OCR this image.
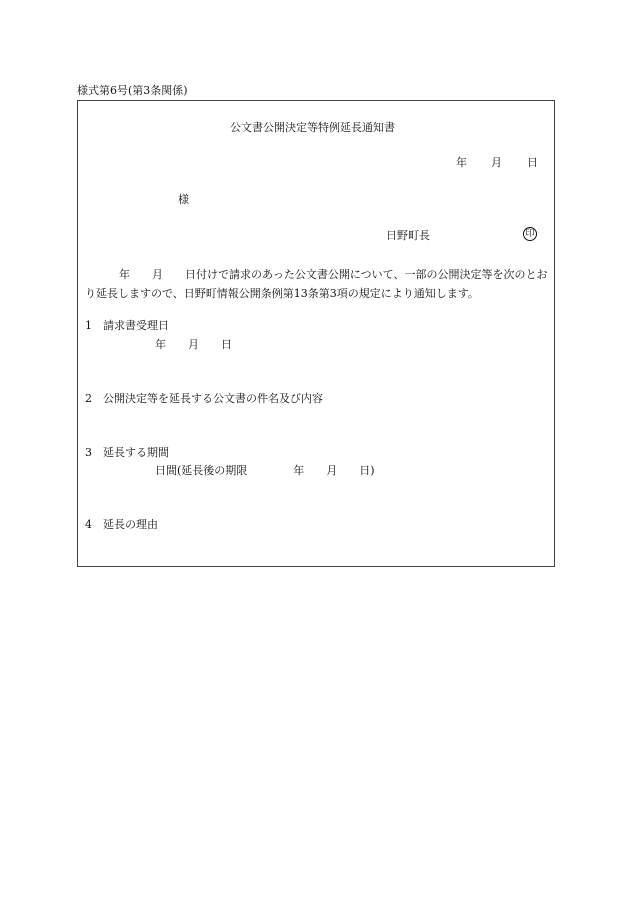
様式第6号(第3条関係)
公文書公開決定等特例延長通知書
年 月 日
様
日野町長	印
年 月 日付けで請求のあった公文書公開について、一部の公開決定等を次のとおり延長しますので、日野町情報公開条例第13条第3項の規定により通知します。
1　請求書受理日
年 月 日
2　公開決定等を延長する公文書の件名及び内容
3　延長する期間
日間(延長後の期限	年 月 日)
4　延長の理由
